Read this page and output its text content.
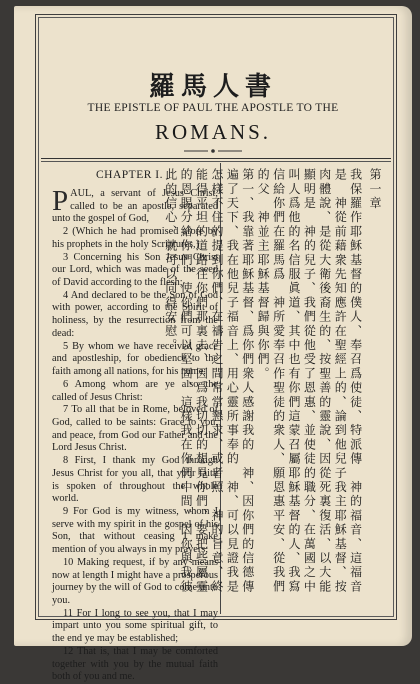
羅馬人書
THE EPISTLE OF PAUL THE APOSTLE TO THE
ROMANS.
CHAPTER I.

PAUL, a servant of Jesus Christ, called to be an apostle, separated unto the gospel of God,

2 (Which he had promised afore by his prophets in the holy Scriptures,)

3 Concerning his Son Jesus Christ our Lord, which was made of the seed of David according to the flesh;

4 And declared to be the Son of God with power, according to the Spirit of holiness, by the resurrection from the dead:

5 By whom we have received grace and apostleship, for obedience to the faith among all nations, for his name:

6 Among whom are ye also the called of Jesus Christ:

7 To all that be in Rome, beloved of God, called to be saints: Grace to you, and peace, from God our Father and the Lord Jesus Christ.

8 First, I thank my God through Jesus Christ for you all, that your faith is spoken of throughout the whole world.

9 For God is my witness, whom I serve with my spirit in the gospel of his Son, that without ceasing I make mention of you always in my prayers;

10 Making request, if by any means now at length I might have a prosperous journey by the will of God to come unto you.

11 For I long to see you, that I may impart unto you some spiritual gift, to the end ye may be established;

12 That is, that I may be comforted together with you by the mutual faith both of you and me.

第一章

我保羅作耶穌基督的僕人、奉召爲使徒、特派傳　神的福音、這福音是　神從前藉衆先知應許在聖經上的、論到他兒子我主耶穌基督、按肉體說、是從大衛後裔生的、按聖善的靈說、因從死裏復活、以大能顯明是　神的兒子、我們從他受了恩惠、並使徒的職分、在萬國之中叫人爲他的名信服眞道、其中也有你們這蒙召屬耶穌基督的人、我寫信給你們在羅馬爲　神所愛奉召作聖徒的衆人、願恩惠平安、從我們的父　神並主耶穌基督歸與你們。

第一、我靠著耶穌基督、爲你們衆人感謝我的　神、因你們的信德傳遍了天下、我在他兒子福音上、用心靈所事奉的　神、可以見證我是怎樣不住的提到你們、在禱告之間常常懇求、或者照　神的旨意、終能得平坦的道路往你們那裏去、因爲我切切的想見你們、要把些屬靈的恩賜分給你們、使你們可以堅固、這樣我在你們中間、因你與我彼此的信心、就可以同得安慰。
